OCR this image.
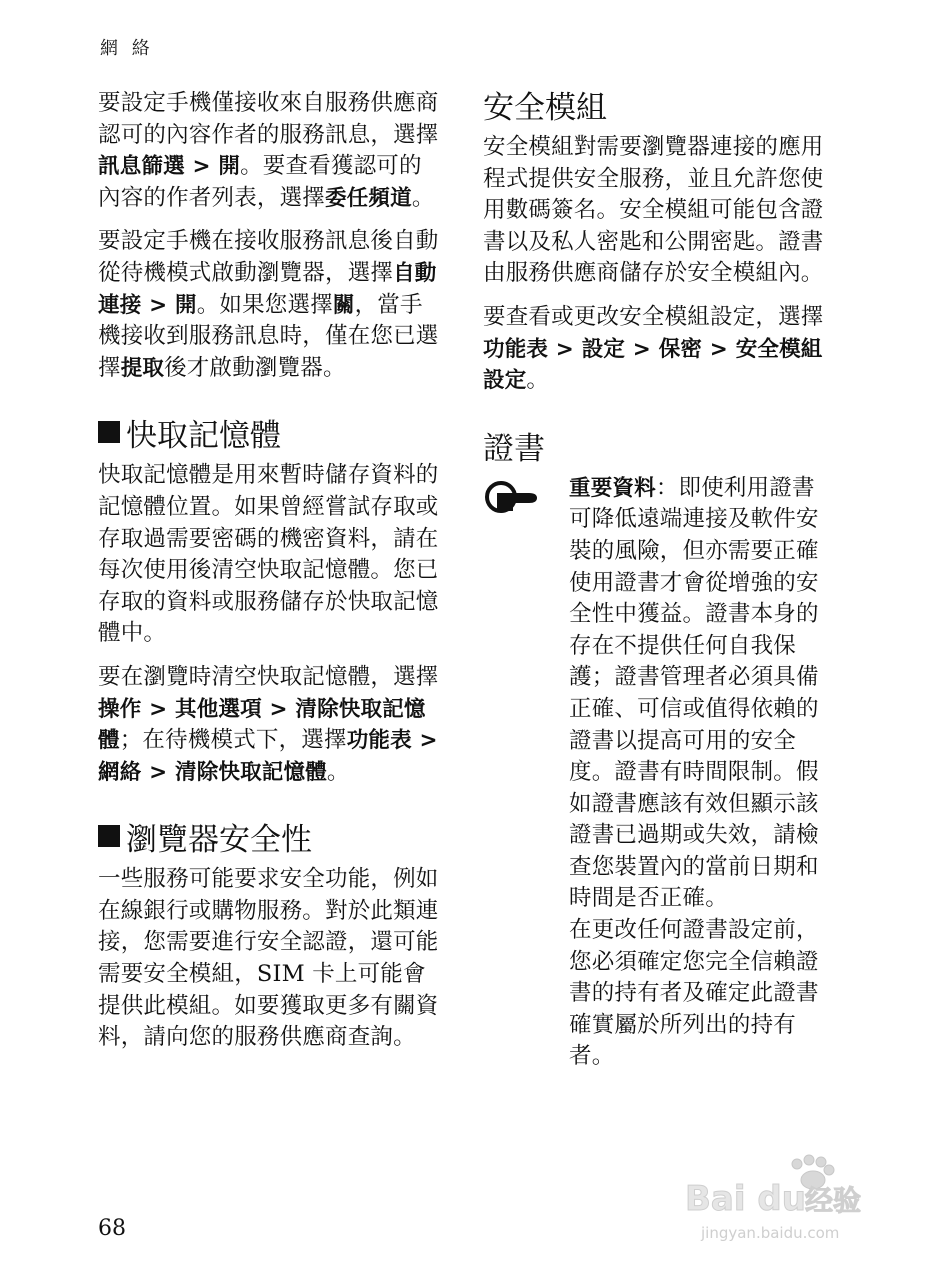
網 絡

要設定手機僅接收來自服務供應商認可的內容作者的服務訊息，選擇訊息篩選 > 開。要查看獲認可的內容的作者列表，選擇委任頻道。

要設定手機在接收服務訊息後自動從待機模式啟動瀏覽器，選擇自動連接 > 開。如果您選擇關，當手機接收到服務訊息時，僅在您已選擇提取後才啟動瀏覽器。

快取記憶體

快取記憶體是用來暫時儲存資料的記憶體位置。如果曾經嘗試存取或存取過需要密碼的機密資料，請在每次使用後清空快取記憶體。您已存取的資料或服務儲存於快取記憶體中。

要在瀏覽時清空快取記憶體，選擇操作 > 其他選項 > 清除快取記憶體；在待機模式下，選擇功能表 > 網絡 > 清除快取記憶體。

瀏覽器安全性

一些服務可能要求安全功能，例如在線銀行或購物服務。對於此類連接，您需要進行安全認證，還可能需要安全模組，SIM 卡上可能會提供此模組。如要獲取更多有關資料，請向您的服務供應商查詢。

安全模組

安全模組對需要瀏覽器連接的應用程式提供安全服務，並且允許您使用數碼簽名。安全模組可能包含證書以及私人密匙和公開密匙。證書由服務供應商儲存於安全模組內。

要查看或更改安全模組設定，選擇功能表 > 設定 > 保密 > 安全模組設定。

證書

重要資料：即使利用證書可降低遠端連接及軟件安裝的風險，但亦需要正確使用證書才會從增強的安全性中獲益。證書本身的存在不提供任何自我保護；證書管理者必須具備正確、可信或值得依賴的證書以提高可用的安全度。證書有時間限制。假如證書應該有效但顯示該證書已過期或失效，請檢查您裝置內的當前日期和時間是否正確。

在更改任何證書設定前，您必須確定您完全信賴證書的持有者及確定此證書確實屬於所列出的持有者。

68
Bai du 经验
jingyan.baidu.com
